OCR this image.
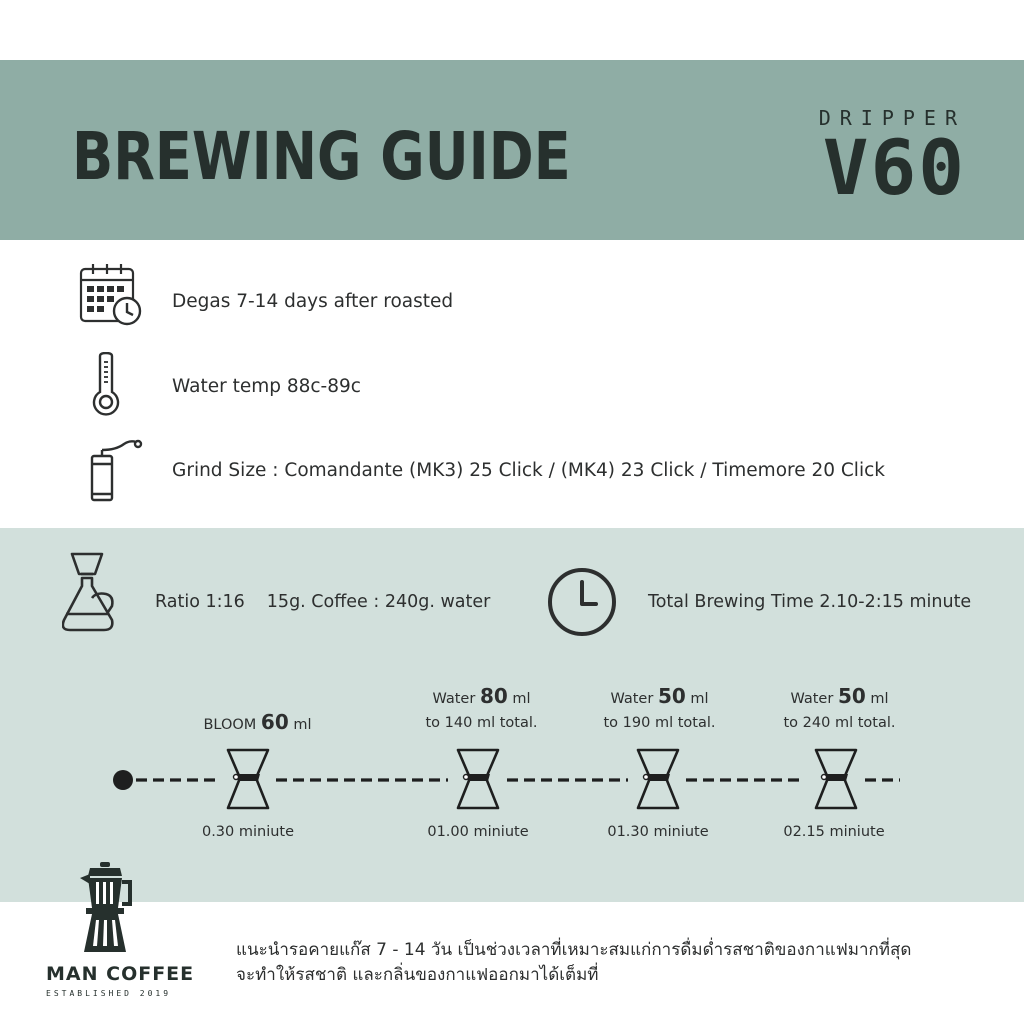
BREWING GUIDE	DRIPPER
V60
Degas 7-14 days after roasted
Water temp 88c-89c
Grind Size : Comandante (MK3) 25 Click / (MK4) 23 Click / Timemore 20 Click
Ratio 1:16 15g. Coffee : 240g. water	Total Brewing Time 2.10-2:15 minute
BLOOM 60 ml
Water 80 ml
to 140 ml total.
Water 50 ml
to 190 ml total.
Water 50 ml
to 240 ml total.
0.30 miniute	01.00 miniute	01.30 miniute	02.15 miniute
MAN COFFEE
ESTABLISHED 2019
แนะนำรอคายแก๊ส 7 - 14 วัน เป็นช่วงเวลาที่เหมาะสมแก่การดื่มด่ำรสชาติของกาแฟมากที่สุด
จะทำให้รสชาติ และกลิ่นของกาแฟออกมาได้เต็มที่
